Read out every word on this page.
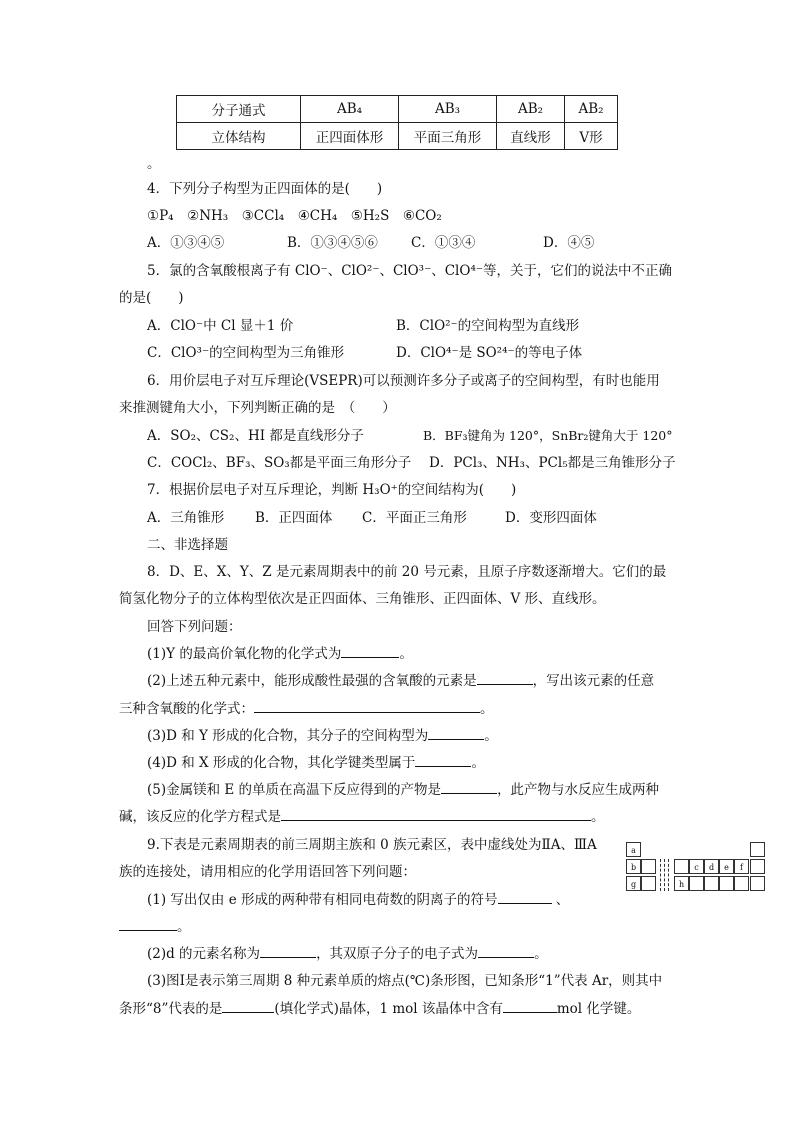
分子通式	AB₄	AB₃	AB₂	AB₂
立体结构	正四面体形	平面三角形	直线形	V形
。
4．下列分子构型为正四面体的是(　　)
①P₄　②NH₃　③CCl₄　④CH₄　⑤H₂S　⑥CO₂
A．①③④⑤	B．①③④⑤⑥ C．①③④	D．④⑤
5．氯的含氧酸根离子有 ClO⁻、ClO²⁻、ClO³⁻、ClO⁴⁻等，关于，它们的说法中不正确
的是(　　)
A．ClO⁻中 Cl 显＋1 价	B．ClO²⁻的空间构型为直线形
C．ClO³⁻的空间构型为三角锥形	D．ClO⁴⁻是 SO²⁴⁻的等电子体
6．用价层电子对互斥理论(VSEPR)可以预测许多分子或离子的空间构型，有时也能用
来推测键角大小，下列判断正确的是　（　　）
A．SO₂、CS₂、HI 都是直线形分子	B．BF₃键角为 120°，SnBr₂键角大于 120°
C．COCl₂、BF₃、SO₃都是平面三角形分子 D．PCl₃、NH₃、PCl₅都是三角锥形分子
7．根据价层电子对互斥理论，判断 H₃O⁺的空间结构为(　　)
A．三角锥形 B．正四面体 C．平面正三角形	D．变形四面体
二、非选择题
8．D、E、X、Y、Z 是元素周期表中的前 20 号元素，且原子序数逐渐增大。它们的最
简氢化物分子的立体构型依次是正四面体、三角锥形、正四面体、V 形、直线形。
回答下列问题：
(1)Y 的最高价氧化物的化学式为	。
(2)上述五种元素中，能形成酸性最强的含氧酸的元素是	，写出该元素的任意
三种含氧酸的化学式：	。
(3)D 和 Y 形成的化合物，其分子的空间构型为	。
(4)D 和 X 形成的化合物，其化学键类型属于	。
(5)金属镁和 E 的单质在高温下反应得到的产物是	，此产物与水反应生成两种
碱，该反应的化学方程式是	。
9.下表是元素周期表的前三周期主族和 0 族元素区，表中虚线处为ⅡA、ⅢA
族的连接处，请用相应的化学用语回答下列问题：
(1) 写出仅由 e 形成的两种带有相同电荷数的阴离子的符号	、
。
(2)d 的元素名称为	，其双原子分子的电子式为	。
(3)图Ⅰ是表示第三周期 8 种元素单质的熔点(℃)条形图，已知条形“1”代表 Ar，则其中
条形“8”代表的是	(填化学式)晶体，1 mol 该晶体中含有	mol 化学键。
a
b	c	d	e	f
g	h
